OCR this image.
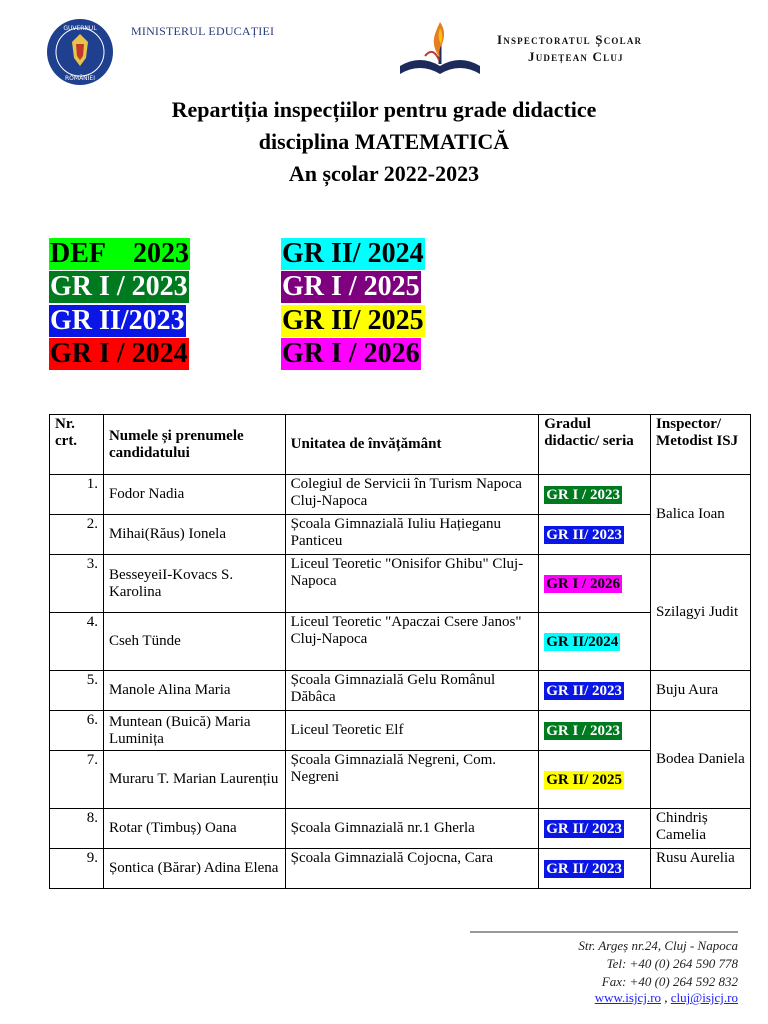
GUVERNUL
ROMÂNIEI
MINISTERUL EDUCAȚIEI
Inspectoratul Școlar
Județean Cluj
Repartiția inspecțiilor pentru grade didactice
disciplina MATEMATICĂ
An școlar 2022-2023
DEF    2023
GR I / 2023
GR II/2023
GR I / 2024
GR II/ 2024
GR I / 2025
GR II/ 2025
GR I / 2026
Nr. crt.	Numele și prenumele candidatului	Unitatea de învățământ	Gradul didactic/ seria	Inspector/ Metodist ISJ
1.	Fodor Nadia	Colegiul de Servicii în Turism Napoca Cluj-Napoca	GR I / 2023	Balica Ioan
2.	Mihai(Răus) Ionela	Școala Gimnazială Iuliu Hațieganu Panticeu	GR II/ 2023	
3.	BesseyeiI-Kovacs S. Karolina	Liceul Teoretic "Onisifor Ghibu" Cluj-Napoca	GR I / 2026	Szilagyi Judit
4.	Cseh Tünde	Liceul Teoretic "Apaczai Csere Janos" Cluj-Napoca	GR II/2024	
5.	Manole Alina Maria	Școala Gimnazială Gelu Românul Dăbâca	GR II/ 2023	Buju Aura
6.	Muntean (Buică) Maria Luminița	Liceul Teoretic Elf	GR I / 2023	Bodea Daniela
7.	Muraru T. Marian Laurențiu	Școala Gimnazială Negreni, Com. Negreni	GR II/ 2025	
8.	Rotar (Timbuș) Oana	Școala Gimnazială nr.1 Gherla	GR II/ 2023	Chindriș Camelia
9.	Șontica (Bărar) Adina Elena	Școala Gimnazială Cojocna, Cara	GR II/ 2023	Rusu Aurelia
Str. Argeș nr.24, Cluj - Napoca
Tel: +40 (0) 264 590 778
Fax: +40 (0) 264 592 832
www.isjcj.ro , cluj@isjcj.ro
